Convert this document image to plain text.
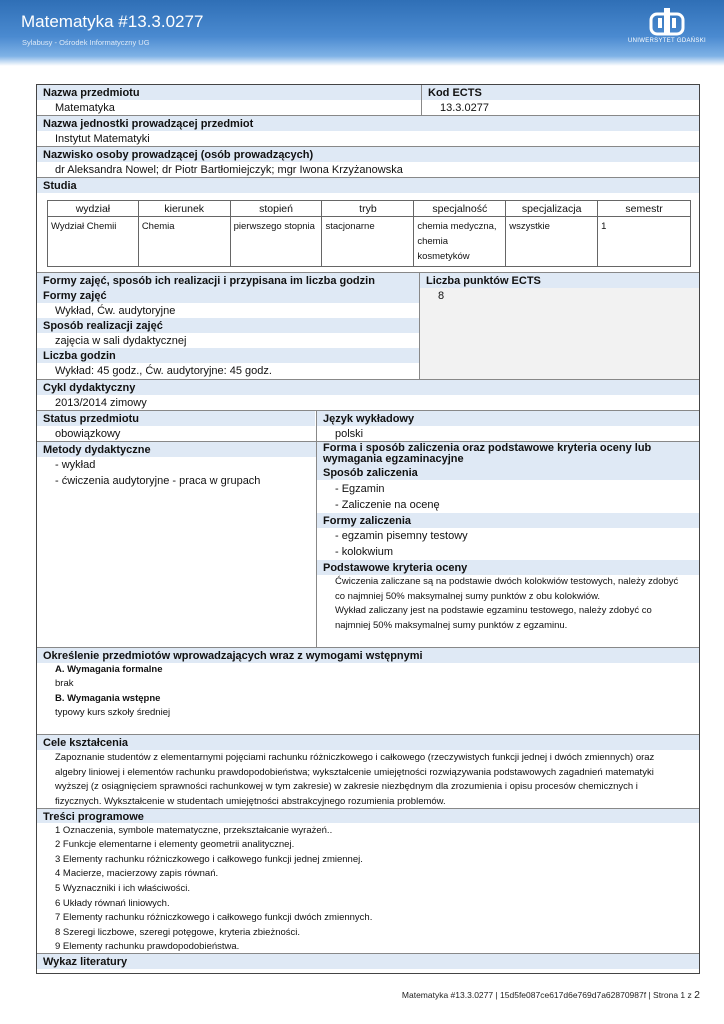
Matematyka #13.3.0277
Sylabusy - Ośrodek Informatyczny UG	UNIWERSYTET GDAŃSKI
Nazwa przedmiotu	Kod ECTS
Matematyka	13.3.0277
Nazwa jednostki prowadzącej przedmiot
Instytut Matematyki
Nazwisko osoby prowadzącej (osób prowadzących)
dr Aleksandra Nowel; dr Piotr Bartłomiejczyk; mgr Iwona Krzyżanowska
Studia
wydział	kierunek	stopień	tryb	specjalność	specjalizacja	semestr
Wydział Chemii	Chemia	pierwszego stopnia	stacjonarne	chemia medyczna, chemia kosmetyków	wszystkie	1
Formy zajęć, sposób ich realizacji i przypisana im liczba godzin	Liczba punktów ECTS
8
Formy zajęć
Wykład, Ćw. audytoryjne
Sposób realizacji zajęć
zajęcia w sali dydaktycznej
Liczba godzin
Wykład: 45 godz., Ćw. audytoryjne: 45 godz.
Cykl dydaktyczny
2013/2014 zimowy
Status przedmiotu	Język wykładowy
obowiązkowy	polski
Metody dydaktyczne
- wykład
- ćwiczenia audytoryjne - praca w grupach
Forma i sposób zaliczenia oraz podstawowe kryteria oceny lub wymagania egzaminacyjne
Sposób zaliczenia
- Egzamin
- Zaliczenie na ocenę
Formy zaliczenia
- egzamin pisemny testowy
- kolokwium
Podstawowe kryteria oceny
Ćwiczenia zaliczane są na podstawie dwóch kolokwiów testowych, należy zdobyć
co najmniej 50% maksymalnej sumy punktów z obu kolokwiów.
Wykład zaliczany jest na podstawie egzaminu testowego, należy zdobyć co
najmniej 50% maksymalnej sumy punktów z egzaminu.
Określenie przedmiotów wprowadzających wraz z wymogami wstępnymi
A. Wymagania formalne
brak
B. Wymagania wstępne
typowy kurs szkoły średniej
Cele kształcenia
Zapoznanie studentów z elementarnymi pojęciami rachunku różniczkowego i całkowego (rzeczywistych funkcji jednej i dwóch zmiennych) oraz
algebry liniowej i elementów rachunku prawdopodobieństwa; wykształcenie umiejętności rozwiązywania podstawowych zagadnień matematyki
wyższej (z osiągnięciem sprawności rachunkowej w tym zakresie) w zakresie niezbędnym dla zrozumienia i opisu procesów chemicznych i
fizycznych. Wykształcenie w studentach umiejętności abstrakcyjnego rozumienia problemów.
Treści programowe
1 Oznaczenia, symbole matematyczne, przekształcanie wyrażeń..
2 Funkcje elementarne i elementy geometrii analitycznej.
3 Elementy rachunku różniczkowego i całkowego funkcji jednej zmiennej.
4 Macierze, macierzowy zapis równań.
5 Wyznaczniki i ich właściwości.
6 Układy równań liniowych.
7 Elementy rachunku różniczkowego i całkowego funkcji dwóch zmiennych.
8 Szeregi liczbowe, szeregi potęgowe, kryteria zbieżności.
9 Elementy rachunku prawdopodobieństwa.
Wykaz literatury
Matematyka #13.3.0277 | 15d5fe087ce617d6e769d7a62870987f | Strona 1 z 2
